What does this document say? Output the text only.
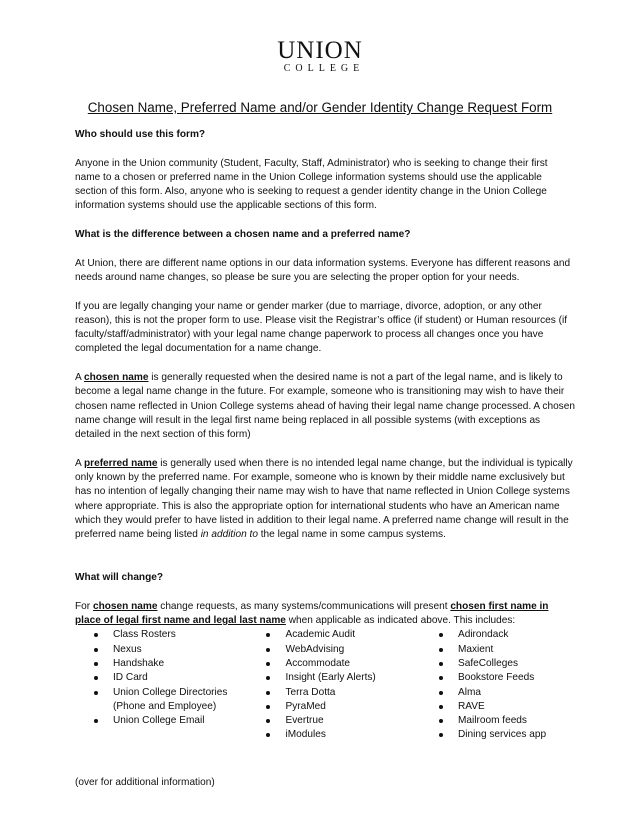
UNION
COLLEGE
Chosen Name, Preferred Name and/or Gender Identity Change Request Form

Who should use this form?

Anyone in the Union community (Student, Faculty, Staff, Administrator) who is seeking to change their first name to a chosen or preferred name in the Union College information systems should use the applicable section of this form. Also, anyone who is seeking to request a gender identity change in the Union College information systems should use the applicable sections of this form.

What is the difference between a chosen name and a preferred name?

At Union, there are different name options in our data information systems. Everyone has different reasons and needs around name changes, so please be sure you are selecting the proper option for your needs.

If you are legally changing your name or gender marker (due to marriage, divorce, adoption, or any other reason), this is not the proper form to use. Please visit the Registrar’s office (if student) or Human resources (if faculty/staff/administrator) with your legal name change paperwork to process all changes once you have completed the legal documentation for a name change.

A chosen name is generally requested when the desired name is not a part of the legal name, and is likely to become a legal name change in the future. For example, someone who is transitioning may wish to have their chosen name reflected in Union College systems ahead of having their legal name change processed. A chosen name change will result in the legal first name being replaced in all possible systems (with exceptions as detailed in the next section of this form)

A preferred name is generally used when there is no intended legal name change, but the individual is typically only known by the preferred name. For example, someone who is known by their middle name exclusively but has no intention of legally changing their name may wish to have that name reflected in Union College systems where appropriate. This is also the appropriate option for international students who have an American name which they would prefer to have listed in addition to their legal name. A preferred name change will result in the preferred name being listed in addition to the legal name in some campus systems.

What will change?

For chosen name change requests, as many systems/communications will present chosen first name in place of legal first name and legal last name when applicable as indicated above. This includes:

Class Rosters
Nexus
Handshake
ID Card
Union College Directories (Phone and Employee)
Union College Email
Academic Audit
WebAdvising
Accommodate
Insight (Early Alerts)
Terra Dotta
PyraMed
Evertrue
iModules
Adirondack
Maxient
SafeColleges
Bookstore Feeds
Alma
RAVE
Mailroom feeds
Dining services app
(over for additional information)
